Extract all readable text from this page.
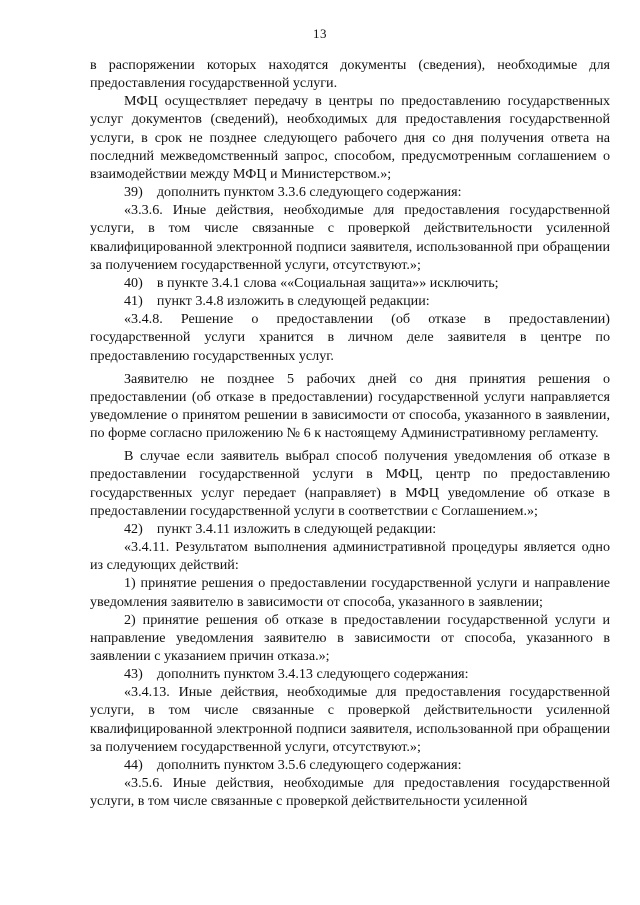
13

в распоряжении которых находятся документы (сведения), необходимые для предоставления государственной услуги.

МФЦ осуществляет передачу в центры по предоставлению государственных услуг документов (сведений), необходимых для предоставления государственной услуги, в срок не позднее следующего рабочего дня со дня получения ответа на последний межведомственный запрос, способом, предусмотренным соглашением о взаимодействии между МФЦ и Министерством.»;

39) дополнить пунктом 3.3.6 следующего содержания:

«3.3.6. Иные действия, необходимые для предоставления государственной услуги, в том числе связанные с проверкой действительности усиленной квалифицированной электронной подписи заявителя, использованной при обращении за получением государственной услуги, отсутствуют.»;

40) в пункте 3.4.1 слова ««Социальная защита»» исключить;

41) пункт 3.4.8 изложить в следующей редакции:

«3.4.8. Решение о предоставлении (об отказе в предоставлении) государственной услуги хранится в личном деле заявителя в центре по предоставлению государственных услуг.

Заявителю не позднее 5 рабочих дней со дня принятия решения о предоставлении (об отказе в предоставлении) государственной услуги направляется уведомление о принятом решении в зависимости от способа, указанного в заявлении, по форме согласно приложению № 6 к настоящему Административному регламенту.

В случае если заявитель выбрал способ получения уведомления об отказе в предоставлении государственной услуги в МФЦ, центр по предоставлению государственных услуг передает (направляет) в МФЦ уведомление об отказе в предоставлении государственной услуги в соответствии с Соглашением.»;

42) пункт 3.4.11 изложить в следующей редакции:

«3.4.11. Результатом выполнения административной процедуры является одно из следующих действий:

1) принятие решения о предоставлении государственной услуги и направление уведомления заявителю в зависимости от способа, указанного в заявлении;

2) принятие решения об отказе в предоставлении государственной услуги и направление уведомления заявителю в зависимости от способа, указанного в заявлении с указанием причин отказа.»;

43) дополнить пунктом 3.4.13 следующего содержания:

«3.4.13. Иные действия, необходимые для предоставления государственной услуги, в том числе связанные с проверкой действительности усиленной квалифицированной электронной подписи заявителя, использованной при обращении за получением государственной услуги, отсутствуют.»;

44) дополнить пунктом 3.5.6 следующего содержания:

«3.5.6. Иные действия, необходимые для предоставления государственной услуги, в том числе связанные с проверкой действительности усиленной
